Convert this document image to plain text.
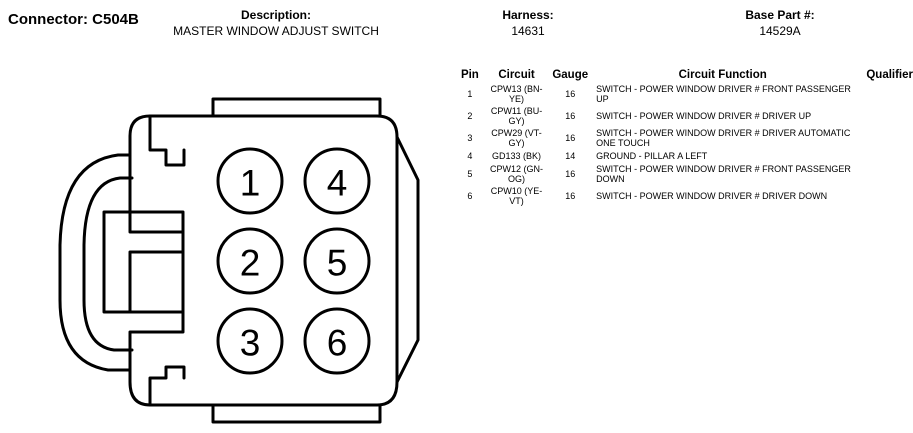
Connector: C504B	Description:
MASTER WINDOW ADJUST SWITCH
Harness:
14631
Base Part #:
14529A
1
2
3
4
5
6
Pin	Circuit	Gauge	Circuit Function	Qualifier
1	CPW13 (BN-YE)	16	SWITCH - POWER WINDOW DRIVER # FRONT PASSENGER UP	
2	CPW11 (BU-GY)	16	SWITCH - POWER WINDOW DRIVER # DRIVER UP	
3	CPW29 (VT-GY)	16	SWITCH - POWER WINDOW DRIVER # DRIVER AUTOMATIC ONE TOUCH	
4	GD133 (BK)	14	GROUND - PILLAR A LEFT	
5	CPW12 (GN-OG)	16	SWITCH - POWER WINDOW DRIVER # FRONT PASSENGER DOWN	
6	CPW10 (YE-VT)	16	SWITCH - POWER WINDOW DRIVER # DRIVER DOWN	
